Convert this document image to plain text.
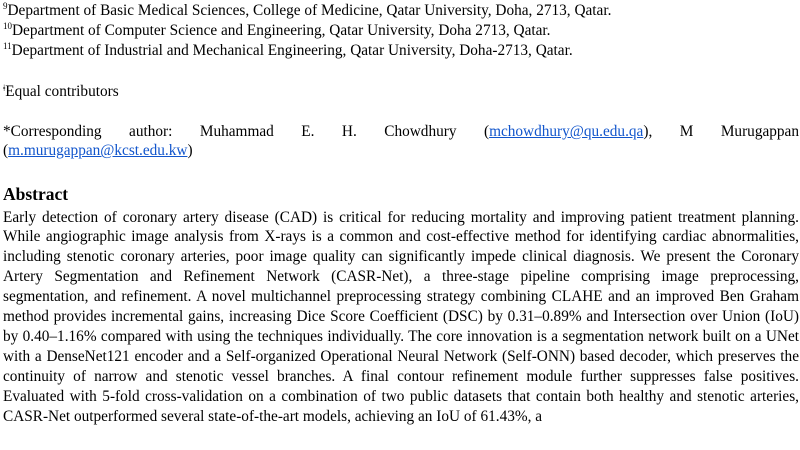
$^9$Department of Basic Medical Sciences, College of Medicine, Qatar University, Doha, 2713, Qatar.
$^{10}$Department of Computer Science and Engineering, Qatar University, Doha 2713, Qatar.
$^{11}$Department of Industrial and Mechanical Engineering, Qatar University, Doha-2713, Qatar.
$^ǂ$Equal contributors
*Corresponding author: Muhammad E. H. Chowdhury (mchowdhury@qu.edu.qa), M Murugappan (m.murugappan@kcst.edu.kw)
Abstract
Early detection of coronary artery disease (CAD) is critical for reducing mortality and improving patient treatment planning. While angiographic image analysis from X-rays is a common and cost-effective method for identifying cardiac abnormalities, including stenotic coronary arteries, poor image quality can significantly impede clinical diagnosis. We present the Coronary Artery Segmentation and Refinement Network (CASR-Net), a three-stage pipeline comprising image preprocessing, segmentation, and refinement. A novel multichannel preprocessing strategy combining CLAHE and an improved Ben Graham method provides incremental gains, increasing Dice Score Coefficient (DSC) by 0.31–0.89% and Intersection over Union (IoU) by 0.40–1.16% compared with using the techniques individually. The core innovation is a segmentation network built on a UNet with a DenseNet121 encoder and a Self-organized Operational Neural Network (Self-ONN) based decoder, which preserves the continuity of narrow and stenotic vessel branches. A final contour refinement module further suppresses false positives. Evaluated with 5-fold cross-validation on a combination of two public datasets that contain both healthy and stenotic arteries, CASR-Net outperformed several state-of-the-art models, achieving an IoU of 61.43%, a
